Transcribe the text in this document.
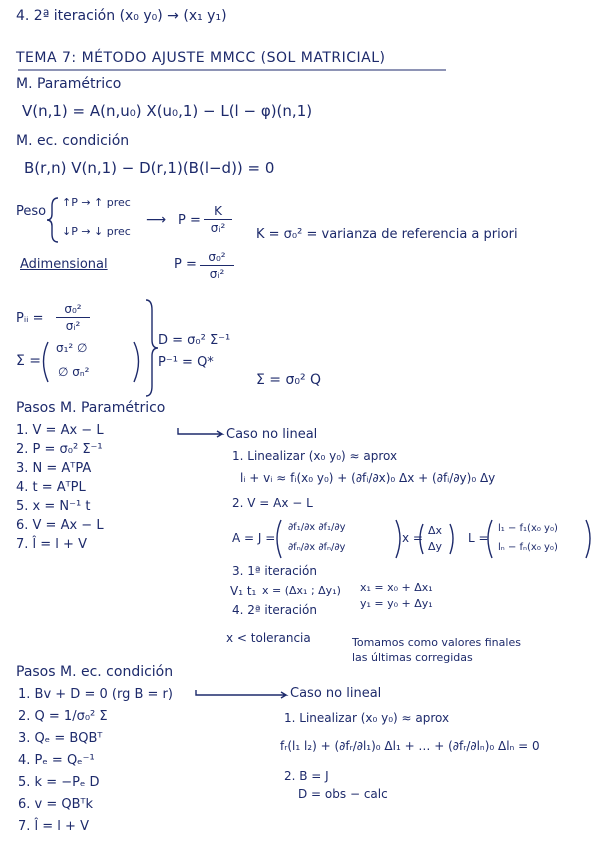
4. 2ª iteración (x₀ y₀) → (x₁ y₁)
TEMA 7: MÉTODO AJUSTE MMCC (SOL MATRICIAL)
M. Paramétrico
V(n,1) = A(n,u₀) X(u₀,1) − L(l − φ)(n,1)
M. ec. condición
B(r,n) V(n,1) − D(r,1)(B(l−d)) = 0
Peso
↑P → ↑ prec
↓P → ↓ prec
⟶ P =
K
σᵢ²	K = σ₀² = varianza de referencia a priori
Adimensional	P = σ₀²
σᵢ²
Pᵢᵢ =
σ₀²
σᵢ²
Σ =
σ₁² ∅
∅ σₙ²
D = σ₀² Σ⁻¹
P⁻¹ = Q*
Σ = σ₀² Q
Pasos M. Paramétrico
1. V = Ax − L
2. P = σ₀² Σ⁻¹
3. N = AᵀPA
4. t = AᵀPL
5. x = N⁻¹ t
6. V = Ax − L
7. l̂ = l + V
Caso no lineal
1. Linealizar (x₀ y₀) ≈ aprox
lᵢ + vᵢ ≈ fᵢ(x₀ y₀) + (∂fᵢ/∂x)₀ Δx + (∂fᵢ/∂y)₀ Δy
2. V = Ax − L
A = J =
∂f₁/∂x ∂f₁/∂y
∂fₙ/∂x ∂fₙ/∂y
x =
Δx
Δy
L =
l₁ − f₁(x₀ y₀)
lₙ − fₙ(x₀ y₀)
3. 1ª iteración
V₁ t₁ x = (Δx₁ ; Δy₁) x₁ = x₀ + Δx₁
y₁ = y₀ + Δy₁
4. 2ª iteración
x < tolerancia	Tomamos como valores finales
las últimas corregidas
Pasos M. ec. condición
1. Bv + D = 0 (rg B = r)
2. Q = 1/σ₀² Σ
3. Qₑ = BQBᵀ
4. Pₑ = Qₑ⁻¹
5. k = −Pₑ D
6. v = QBᵀk
7. l̂ = l + V
Caso no lineal
1. Linealizar (x₀ y₀) ≈ aprox
fᵣ(l₁ l₂) + (∂fᵣ/∂l₁)₀ Δl₁ + … + (∂fᵣ/∂lₙ)₀ Δlₙ = 0
2. B = J
D = obs − calc
